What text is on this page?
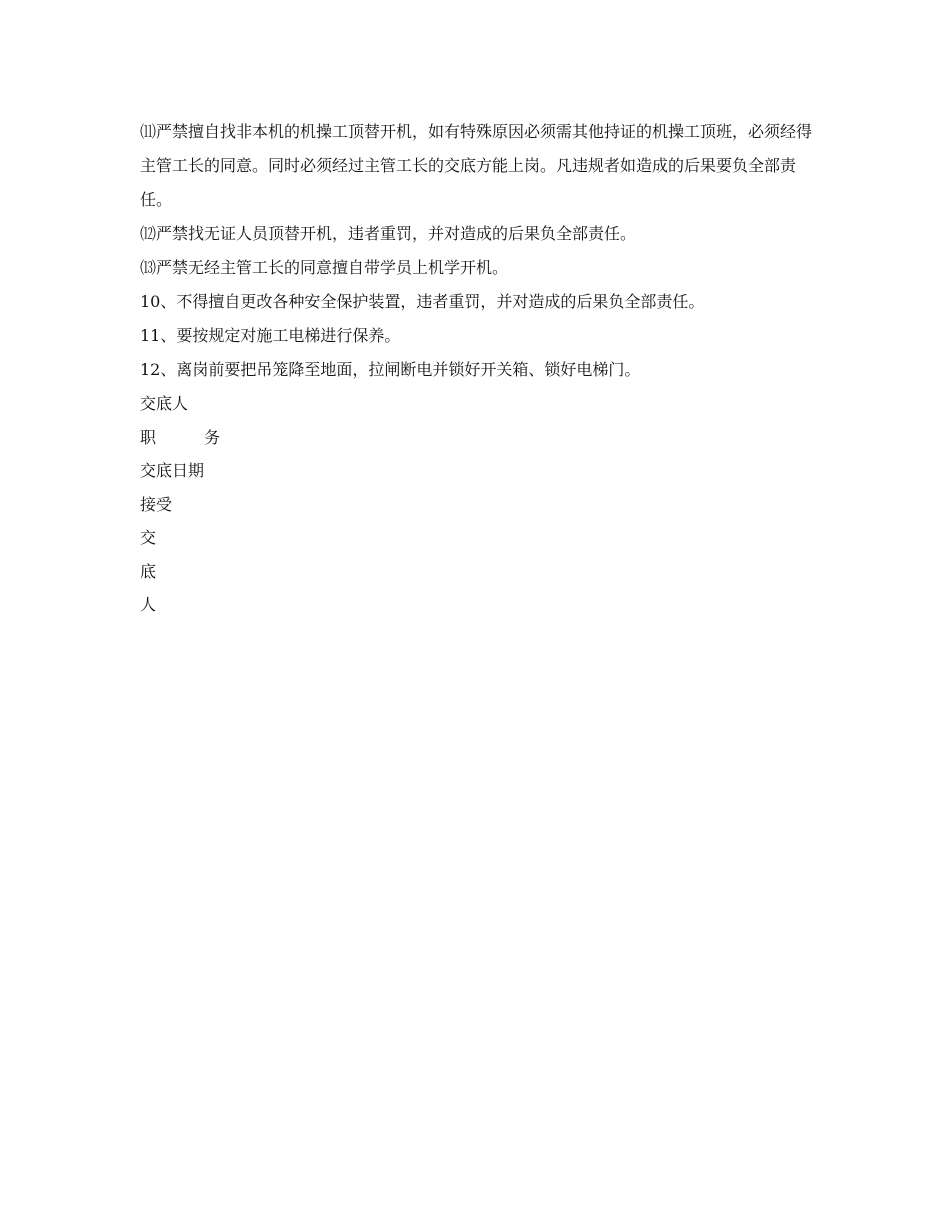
⑾严禁擅自找非本机的机操工顶替开机，如有特殊原因必须需其他持证的机操工顶班，必须经得主管工长的同意。同时必须经过主管工长的交底方能上岗。凡违规者如造成的后果要负全部责任。

⑿严禁找无证人员顶替开机，违者重罚，并对造成的后果负全部责任。

⒀严禁无经主管工长的同意擅自带学员上机学开机。

10、不得擅自更改各种安全保护装置，违者重罚，并对造成的后果负全部责任。

11、要按规定对施工电梯进行保养。

12、离岗前要把吊笼降至地面，拉闸断电并锁好开关箱、锁好电梯门。

交底人

职　　　务

交底日期

接受

交

底

人
